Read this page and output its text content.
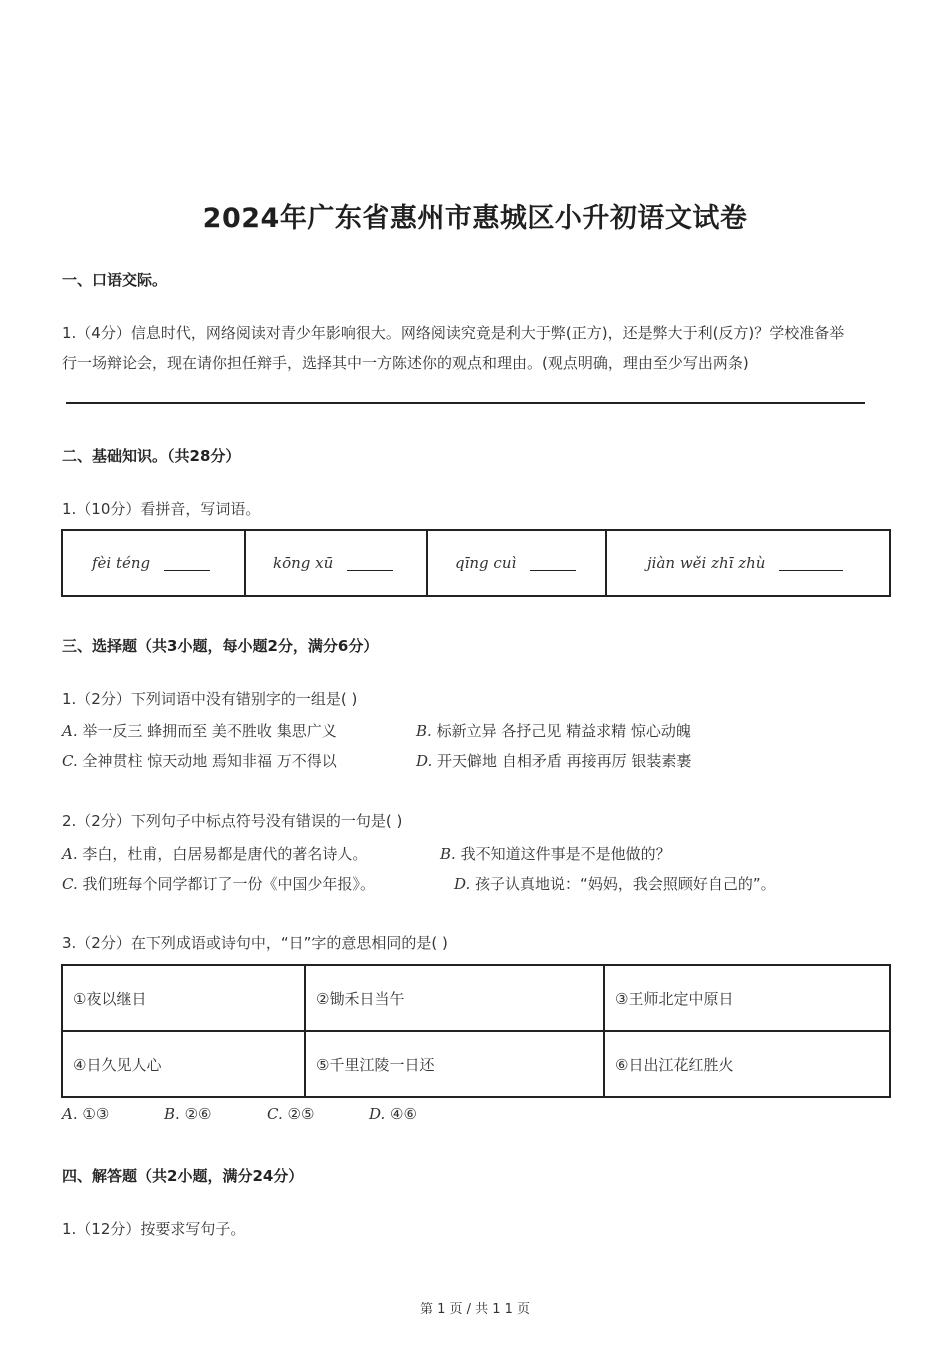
2024年广东省惠州市惠城区小升初语文试卷
一、口语交际。
1.（4分）信息时代，网络阅读对青少年影响很大。网络阅读究竟是利大于弊(正方)，还是弊大于利(反方)？学校准备举
行一场辩论会，现在请你担任辩手，选择其中一方陈述你的观点和理由。(观点明确，理由至少写出两条)
二、基础知识。（共28分）
1.（10分）看拼音，写词语。
fèi téng	kōng xū	qīng cuì	jiàn wěi zhī zhù
三、选择题（共3小题，每小题2分，满分6分）
1.（2分）下列词语中没有错别字的一组是( )
A. 举一反三 蜂拥而至 美不胜收 集思广义	B. 标新立异 各抒己见 精益求精 惊心动魄
C. 全神贯柱 惊天动地 焉知非福 万不得以	D. 开天僻地 自相矛盾 再接再厉 银装素裹
2.（2分）下列句子中标点符号没有错误的一句是( )
A. 李白，杜甫，白居易都是唐代的著名诗人。	B. 我不知道这件事是不是他做的？
C. 我们班每个同学都订了一份《中国少年报》。	D. 孩子认真地说：“妈妈，我会照顾好自己的”。
3.（2分）在下列成语或诗句中，“日”字的意思相同的是( )
①夜以继日	②锄禾日当午	③王师北定中原日
④日久见人心	⑤千里江陵一日还	⑥日出江花红胜火
A. ①③	B. ②⑥	C. ②⑤	D. ④⑥
四、解答题（共2小题，满分24分）
1.（12分）按要求写句子。
第 1 页 / 共 1 1 页
